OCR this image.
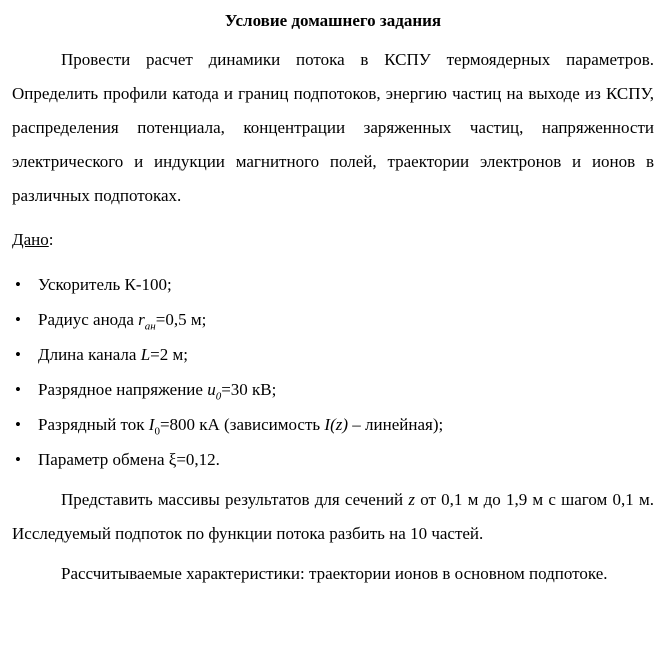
Условие домашнего задания

Провести расчет динамики потока в КСПУ термоядерных параметров. Определить профили катода и границ подпотоков, энергию частиц на выходе из КСПУ, распределения потенциала, концентрации заряженных частиц, напряженности электрического и индукции магнитного полей, траектории электронов и ионов в различных подпотоках.

Дано:
• Ускоритель К-100;
• Радиус анода $r_{ан}=0,5$ м;
• Длина канала L=2 м;
• Разрядное напряжение $u_0=30$ кВ;
• Разрядный ток $I_0=800$ кА (зависимость I(z) – линейная);
• Параметр обмена ξ=0,12.

Представить массивы результатов для сечений z от 0,1 м до 1,9 м с шагом 0,1 м. Исследуемый подпоток по функции потока разбить на 10 частей.

Рассчитываемые характеристики: траектории ионов в основном подпотоке.
